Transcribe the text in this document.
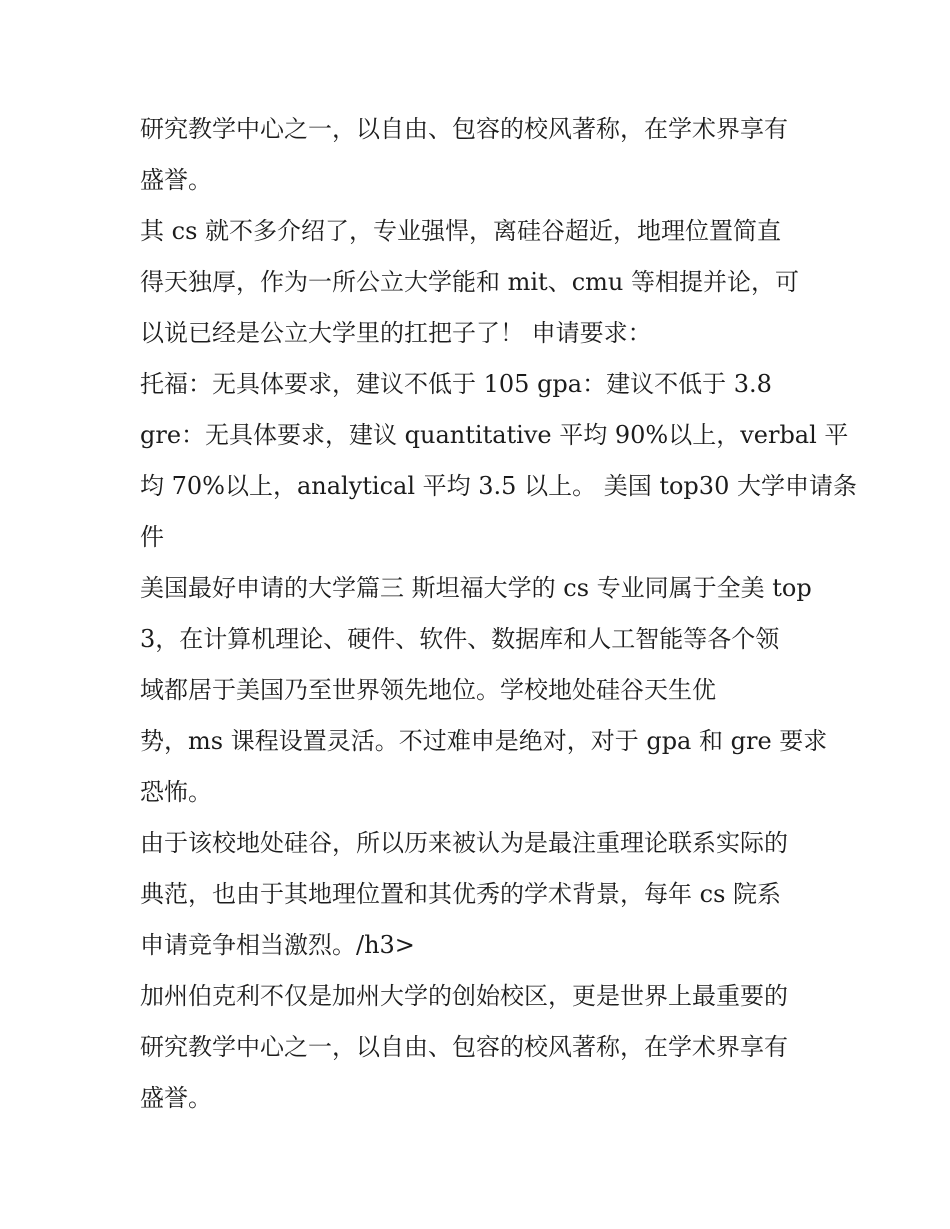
研究教学中心之一，以自由、包容的校风著称，在学术界享有
盛誉。
其 cs 就不多介绍了，专业强悍，离硅谷超近，地理位置简直
得天独厚，作为一所公立大学能和 mit、cmu 等相提并论，可
以说已经是公立大学里的扛把子了！ 申请要求：
托福：无具体要求，建议不低于 105 gpa：建议不低于 3.8
gre：无具体要求，建议 quantitative 平均 90%以上，verbal 平
均 70%以上，analytical 平均 3.5 以上。 美国 top30 大学申请条
件
美国最好申请的大学篇三 斯坦福大学的 cs 专业同属于全美 top
3，在计算机理论、硬件、软件、数据库和人工智能等各个领
域都居于美国乃至世界领先地位。学校地处硅谷天生优
势，ms 课程设置灵活。不过难申是绝对，对于 gpa 和 gre 要求
恐怖。
由于该校地处硅谷，所以历来被认为是最注重理论联系实际的
典范，也由于其地理位置和其优秀的学术背景，每年 cs 院系
申请竞争相当激烈。/h3>
加州伯克利不仅是加州大学的创始校区，更是世界上最重要的
研究教学中心之一，以自由、包容的校风著称，在学术界享有
盛誉。
